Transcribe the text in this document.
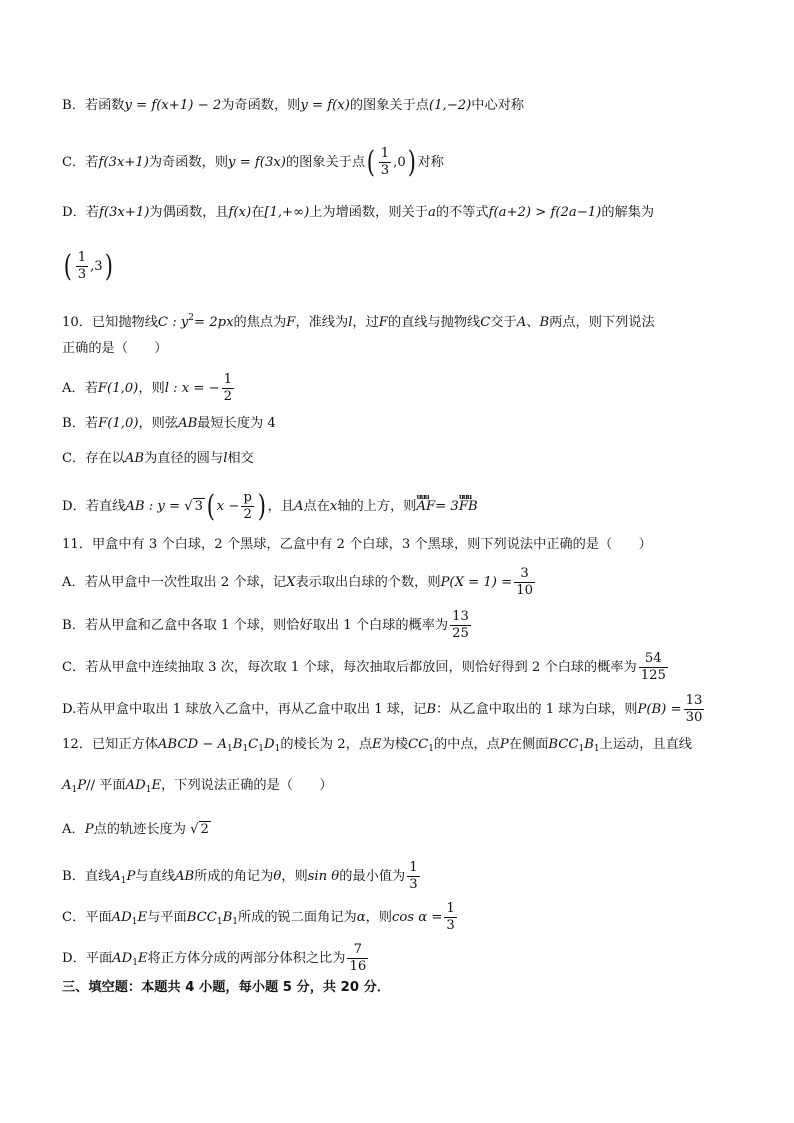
B．若函数y = f(x+1) − 2为奇函数，则y = f(x)的图象关于点(1,−2)中心对称
C．若f(3x+1)为奇函数，则y = f(3x)的图象关于点( $\frac{1}{3} ,0$) 对称
D．若f(3x+1)为偶函数，且f(x)在[1,+∞)上为增函数，则关于a的不等式f(a+2) > f(2a−1)的解集为
( $\frac{1}{3} ,3$)
10．已知抛物线C : $y^2= 2px$的焦点为F，准线为l，过F的直线与抛物线C交于A、B两点，则下列说法
正确的是（　　）
A．若F(1,0)，则l : x = − $\frac{1}{2}$
B．若F(1,0)，则弦AB最短长度为 4
C．存在以AB为直径的圆与l相交
D．若直线AB : y = √ 3 ( $x - \frac{p}{2}$ ) ，且A点在x轴的上方，则uuu AF= 3uuu FB
11．甲盒中有 3 个白球，2 个黑球，乙盒中有 2 个白球，3 个黑球，则下列说法中正确的是（　　）
A．若从甲盒中一次性取出 2 个球，记X表示取出白球的个数，则$P(X = 1) = \frac{3}{10}$
B．若从甲盒和乙盒中各取 1 个球，则恰好取出 1 个白球的概率为 $\frac{13}{25}$
C．若从甲盒中连续抽取 3 次，每次取 1 个球，每次抽取后都放回，则恰好得到 2 个白球的概率为 $\frac{54}{125}$
D.若从甲盒中取出 1 球放入乙盒中，再从乙盒中取出 1 球，记B：从乙盒中取出的 1 球为白球，则$P(B) = \frac{13}{30}$
12．已知正方体ABCD − $A_1B_1C_1D_1$的棱长为 2，点E为棱$CC_1$的中点，点P在侧面$BCC_1B_1$上运动，且直线
$A_1P//$ 平面$AD_1E$，下列说法正确的是（　　）
A．P点的轨迹长度为 √ 2
B．直线$A_1P$与直线AB所成的角记为θ，则sin θ的最小值为 $\frac{1}{3}$
C．平面$AD_1E$与平面$BCC_1B_1$所成的锐二面角记为α，则$\cos \alpha = \frac{1}{3}$
D．平面$AD_1E$将正方体分成的两部分体积之比为 $\frac{7}{16}$
三、填空题：本题共 4 小题，每小题 5 分，共 20 分．
